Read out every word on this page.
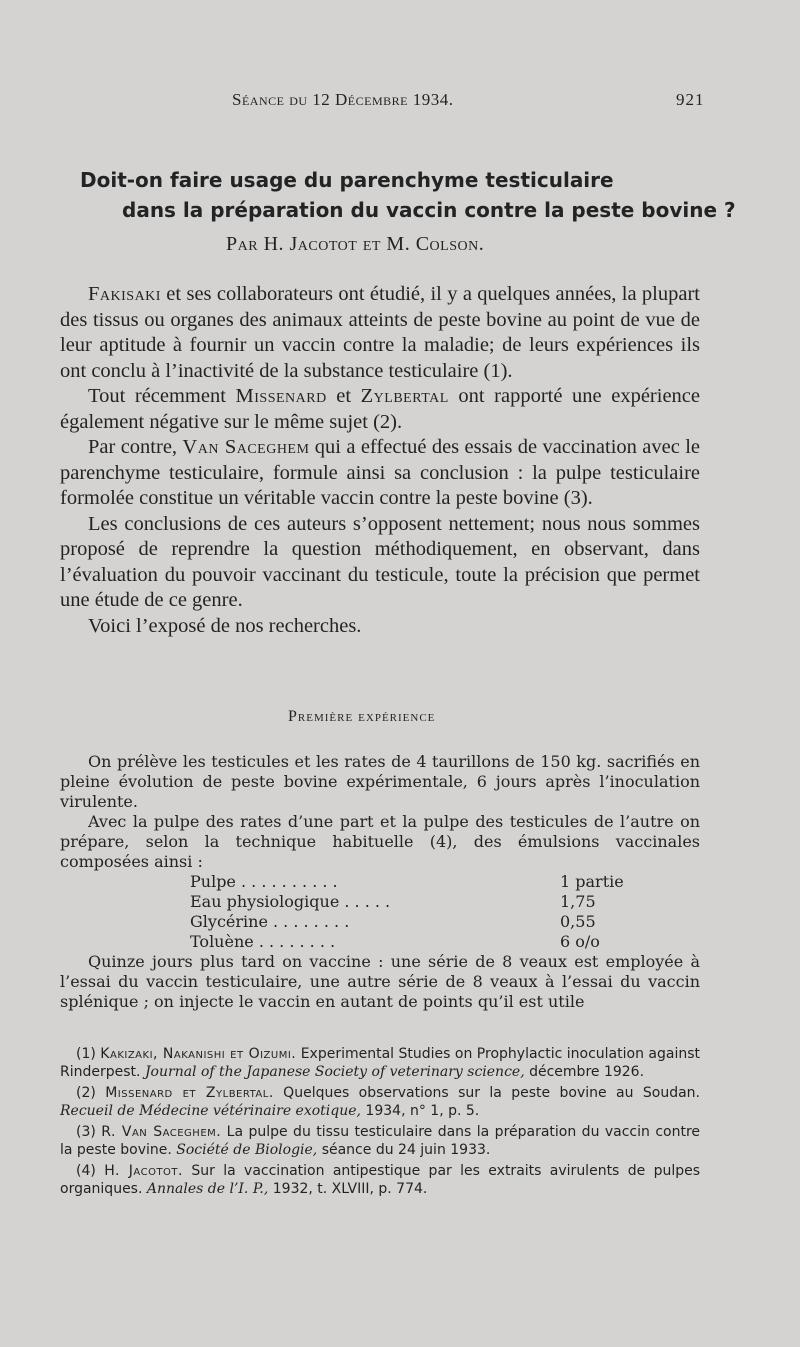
Séance du 12 Décembre 1934.	921
Doit-on faire usage du parenchyme testiculaire
dans la préparation du vaccin contre la peste bovine ?
Par H. Jacotot et M. Colson.

Fakisaki et ses collaborateurs ont étudié, il y a quelques années, la plupart des tissus ou organes des animaux atteints de peste bovine au point de vue de leur aptitude à fournir un vaccin contre la maladie; de leurs expériences ils ont conclu à l’inactivité de la substance testiculaire (1).

Tout récemment Missenard et Zylbertal ont rapporté une expérience également négative sur le même sujet (2).

Par contre, Van Saceghem qui a effectué des essais de vaccination avec le parenchyme testiculaire, formule ainsi sa conclusion : la pulpe testiculaire formolée constitue un véritable vaccin contre la peste bovine (3).

Les conclusions de ces auteurs s’opposent nettement; nous nous sommes proposé de reprendre la question méthodiquement, en observant, dans l’évaluation du pouvoir vaccinant du testicule, toute la précision que permet une étude de ce genre.

Voici l’exposé de nos recherches.

Première expérience

On prélève les testicules et les rates de 4 taurillons de 150 kg. sacrifiés en pleine évolution de peste bovine expérimentale, 6 jours après l’inoculation virulente.

Avec la pulpe des rates d’une part et la pulpe des testicules de l’autre on prépare, selon la technique habituelle (4), des émulsions vaccinales composées ainsi :

Pulpe . . . . . . . . . .	1 partie
Eau physiologique . . . . .	1,75
Glycérine . . . . . . . .	0,55
Toluène . . . . . . . .	6 o/o

Quinze jours plus tard on vaccine : une série de 8 veaux est employée à l’essai du vaccin testiculaire, une autre série de 8 veaux à l’essai du vaccin splénique ; on injecte le vaccin en autant de points qu’il est utile

(1) Kakizaki, Nakanishi et Oizumi. Experimental Studies on Prophylactic inoculation against Rinderpest. Journal of the Japanese Society of veterinary science, décembre 1926.

(2) Missenard et Zylbertal. Quelques observations sur la peste bovine au Soudan. Recueil de Médecine vétérinaire exotique, 1934, n° 1, p. 5.

(3) R. Van Saceghem. La pulpe du tissu testiculaire dans la préparation du vaccin contre la peste bovine. Société de Biologie, séance du 24 juin 1933.

(4) H. Jacotot. Sur la vaccination antipestique par les extraits avirulents de pulpes organiques. Annales de l’I. P., 1932, t. XLVIII, p. 774.
